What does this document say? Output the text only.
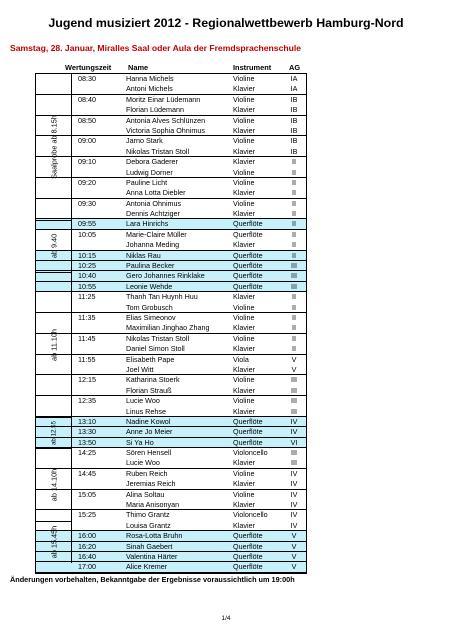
Jugend musiziert 2012 - Regionalwettbewerb Hamburg-Nord
Samstag, 28. Januar, Miralles Saal oder Aula der Fremdsprachenschule
Wertungszeit Name	Instrument AG
08:30	Hanna Michels	Violine	IA
Antoni Michels	Klavier	IA
08:40	Moritz Einar Lüdemann	Violine	IB
Florian Lüdemann	Klavier	IB
08:50	Antonia Alves Schlünzen	Violine	IB
Victoria Sophia Ohnimus	Klavier	IB
09:00	Jarno Stark	Violine	IB
Nikolas Tristan Stoll	Klavier	IB
09:10	Debora Gaderer	Klavier	II
Ludwig Dorner	Violine	II
09:20	Pauline Licht	Violine	II
Anna Lotta Diebler	Klavier	II
09:30	Antonia Ohnimus	Violine	II
Dennis Achtziger	Klavier	II
09:55	Lara Hinrichs	Querflöte	II
10:05	Marie-Claire Müller	Querflöte	II
Johanna Meding	Klavier	II
10:15	Niklas Rau	Querflöte	II
10:25	Paulina Becker	Querflöte	III
10:40	Gero Johannes Rinklake	Querflöte	III
10:55	Leonie Wehde	Querflöte	III
11:25	Thanh Tan Huynh Huu	Klavier	II
Tom Grobusch	Violine	II
11:35	Elias Simeonov	Violine	II
Maximilian Jinghao Zhang	Klavier	II
11:45	Nikolas Tristan Stoll	Violine	II
Daniel Simon Stoll	Klavier	II
11:55	Elisabeth Pape	Viola	V
Joel Witt	Klavier	V
12:15	Katharina Stoerk	Violine	III
Florian Strauß	Klavier	III
12:35	Lucie Woo	Violine	III
Linus Rehse	Klavier	III
13:10	Nadine Kowol	Querflöte	IV
13:30	Anne Jo Meier	Querflöte	IV
13:50	Si Ya Ho	Querflöte	VI
14:25	Sören Hensell	Violoncello	III
Lucie Woo	Klavier	III
14:45	Ruben Reich	Violine	IV
Jeremias Reich	Klavier	IV
15:05	Alina Soltau	Violine	IV
Maria Anisonyan	Klavier	IV
15:25	Thimo Grantz	Violoncello	IV
Louisa Grantz	Klavier	IV
16:00	Rosa-Lotta Bruhn	Querflöte	V
16:20	Sinah Gaebert	Querflöte	V
16:40	Valentina Härter	Querflöte	V
17:00	Alice Kremer	Querflöte	V
Saalprobe ab 8.15h
ab 9.40
ab 11.10h
ab 12.55
ab 14.10h
ab 15.45h
Änderungen vorbehalten, Bekanntgabe der Ergebnisse voraussichtlich um 19:00h
1/4
